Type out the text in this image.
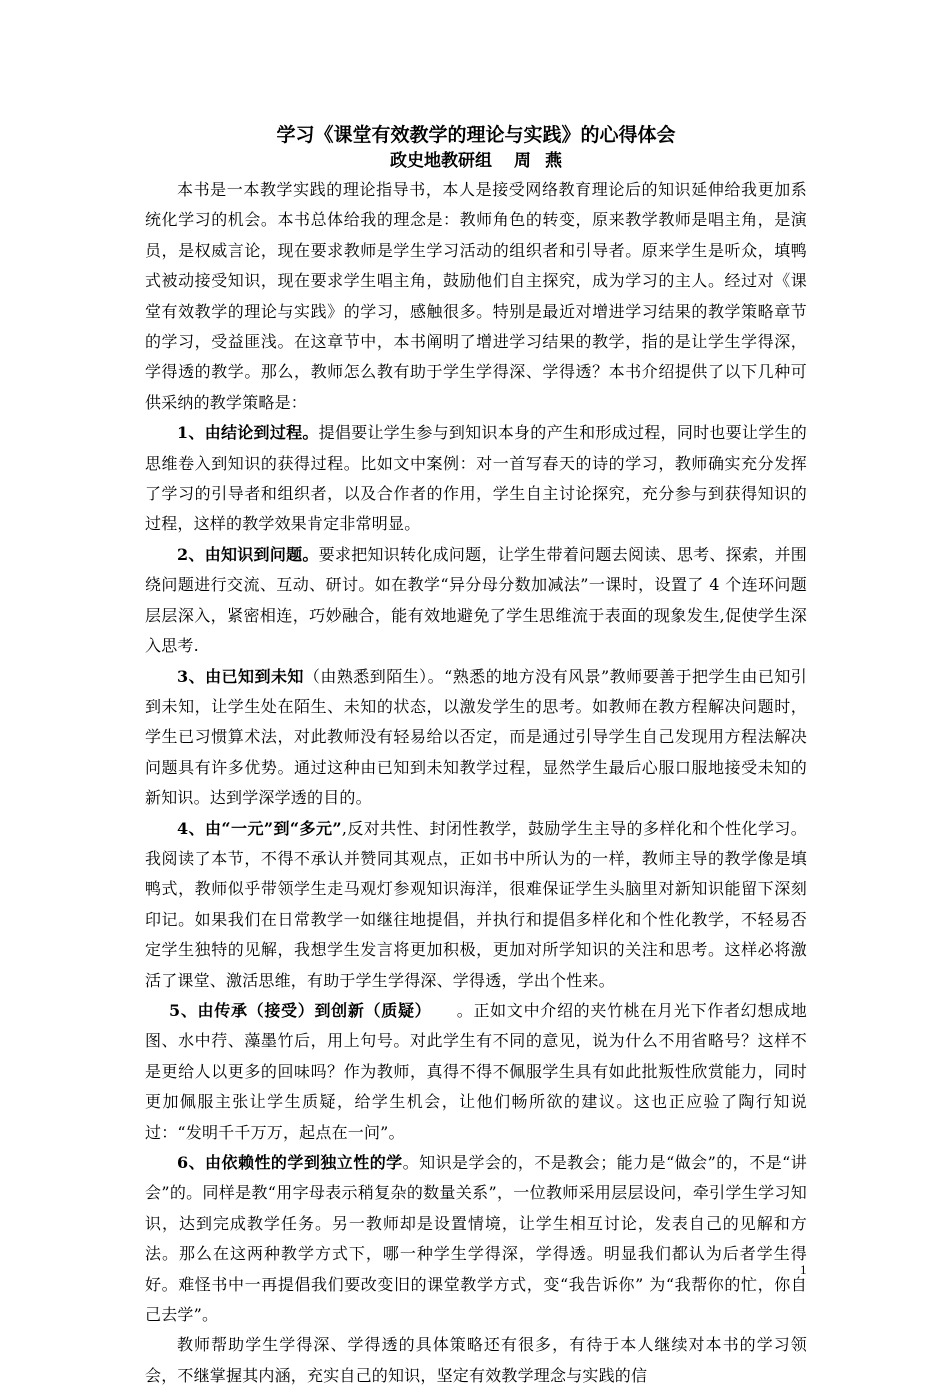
学习《课堂有效教学的理论与实践》的心得体会

政史地教研组 周 燕

本书是一本教学实践的理论指导书，本人是接受网络教育理论后的知识延伸给我更加系统化学习的机会。本书总体给我的理念是：教师角色的转变，原来教学教师是唱主角，是演员，是权威言论，现在要求教师是学生学习活动的组织者和引导者。原来学生是听众，填鸭式被动接受知识，现在要求学生唱主角，鼓励他们自主探究，成为学习的主人。经过对《课堂有效教学的理论与实践》的学习，感触很多。特别是最近对增进学习结果的教学策略章节的学习，受益匪浅。在这章节中，本书阐明了增进学习结果的教学，指的是让学生学得深，学得透的教学。那么，教师怎么教有助于学生学得深、学得透？本书介绍提供了以下几种可供采纳的教学策略是：

1、由结论到过程。提倡要让学生参与到知识本身的产生和形成过程，同时也要让学生的思维卷入到知识的获得过程。比如文中案例：对一首写春天的诗的学习，教师确实充分发挥了学习的引导者和组织者，以及合作者的作用，学生自主讨论探究，充分参与到获得知识的过程，这样的教学效果肯定非常明显。

2、由知识到问题。要求把知识转化成问题，让学生带着问题去阅读、思考、探索，并围绕问题进行交流、互动、研讨。如在教学“异分母分数加减法”一课时，设置了 4 个连环问题层层深入，紧密相连，巧妙融合，能有效地避免了学生思维流于表面的现象发生,促使学生深入思考.

3、由已知到未知（由熟悉到陌生）。“熟悉的地方没有风景”教师要善于把学生由已知引到未知，让学生处在陌生、未知的状态，以激发学生的思考。如教师在教方程解决问题时，学生已习惯算术法，对此教师没有轻易给以否定，而是通过引导学生自己发现用方程法解决问题具有许多优势。通过这种由已知到未知教学过程，显然学生最后心服口服地接受未知的新知识。达到学深学透的目的。

4、由“一元”到“多元”,反对共性、封闭性教学，鼓励学生主导的多样化和个性化学习。我阅读了本节，不得不承认并赞同其观点，正如书中所认为的一样，教师主导的教学像是填鸭式，教师似乎带领学生走马观灯参观知识海洋，很难保证学生头脑里对新知识能留下深刻印记。如果我们在日常教学一如继往地提倡，并执行和提倡多样化和个性化教学，不轻易否定学生独特的见解，我想学生发言将更加积极，更加对所学知识的关注和思考。这样必将激活了课堂、激活思维，有助于学生学得深、学得透，学出个性来。

5、由传承（接受）到创新（质疑）　　。正如文中介绍的夹竹桃在月光下作者幻想成地图、水中荇、藻墨竹后，用上句号。对此学生有不同的意见，说为什么不用省略号？这样不是更给人以更多的回味吗？作为教师，真得不得不佩服学生具有如此批叛性欣赏能力，同时更加佩服主张让学生质疑，给学生机会，让他们畅所欲的建议。这也正应验了陶行知说过：“发明千千万万，起点在一问”。

6、由依赖性的学到独立性的学。知识是学会的，不是教会；能力是“做会”的，不是“讲会”的。同样是教“用字母表示稍复杂的数量关系”，一位教师采用层层设问，牵引学生学习知识，达到完成教学任务。另一教师却是设置情境，让学生相互讨论，发表自己的见解和方法。那么在这两种教学方式下，哪一种学生学得深，学得透。明显我们都认为后者学生得好。难怪书中一再提倡我们要改变旧的课堂教学方式，变“我告诉你” 为“我帮你的忙，你自己去学”。

教师帮助学生学得深、学得透的具体策略还有很多，有待于本人继续对本书的学习领会，不继掌握其内涵，充实自己的知识，坚定有效教学理念与实践的信

1
